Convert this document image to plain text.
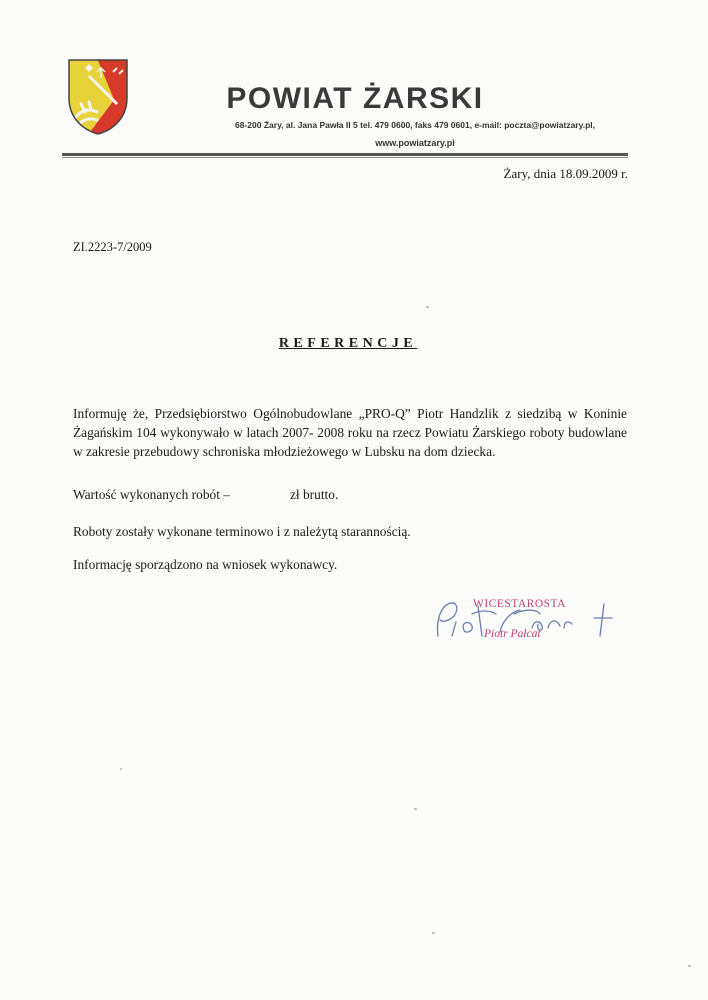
POWIAT ŻARSKI
68-200 Żary, al. Jana Pawła II 5 tel. 479 0600, faks 479 0601, e-mail: poczta@powiatzary.pl,
www.powiatzary.pl
Żary, dnia 18.09.2009 r.
ZI.2223-7/2009
REFERENCJE
Informuję że, Przedsiębiorstwo Ogólnobudowlane „PRO-Q” Piotr Handzlik z siedzibą w Koninie Żagańskim 104 wykonywało w latach 2007- 2008 roku na rzecz Powiatu Żarskiego roboty budowlane w zakresie przebudowy schroniska młodzieżowego w Lubsku na dom dziecka.
Wartość wykonanych robót –	zł brutto.
Roboty zostały wykonane terminowo i z należytą starannością.
Informację sporządzono na wniosek wykonawcy.
WICESTAROSTA
Piotr Pałcat
